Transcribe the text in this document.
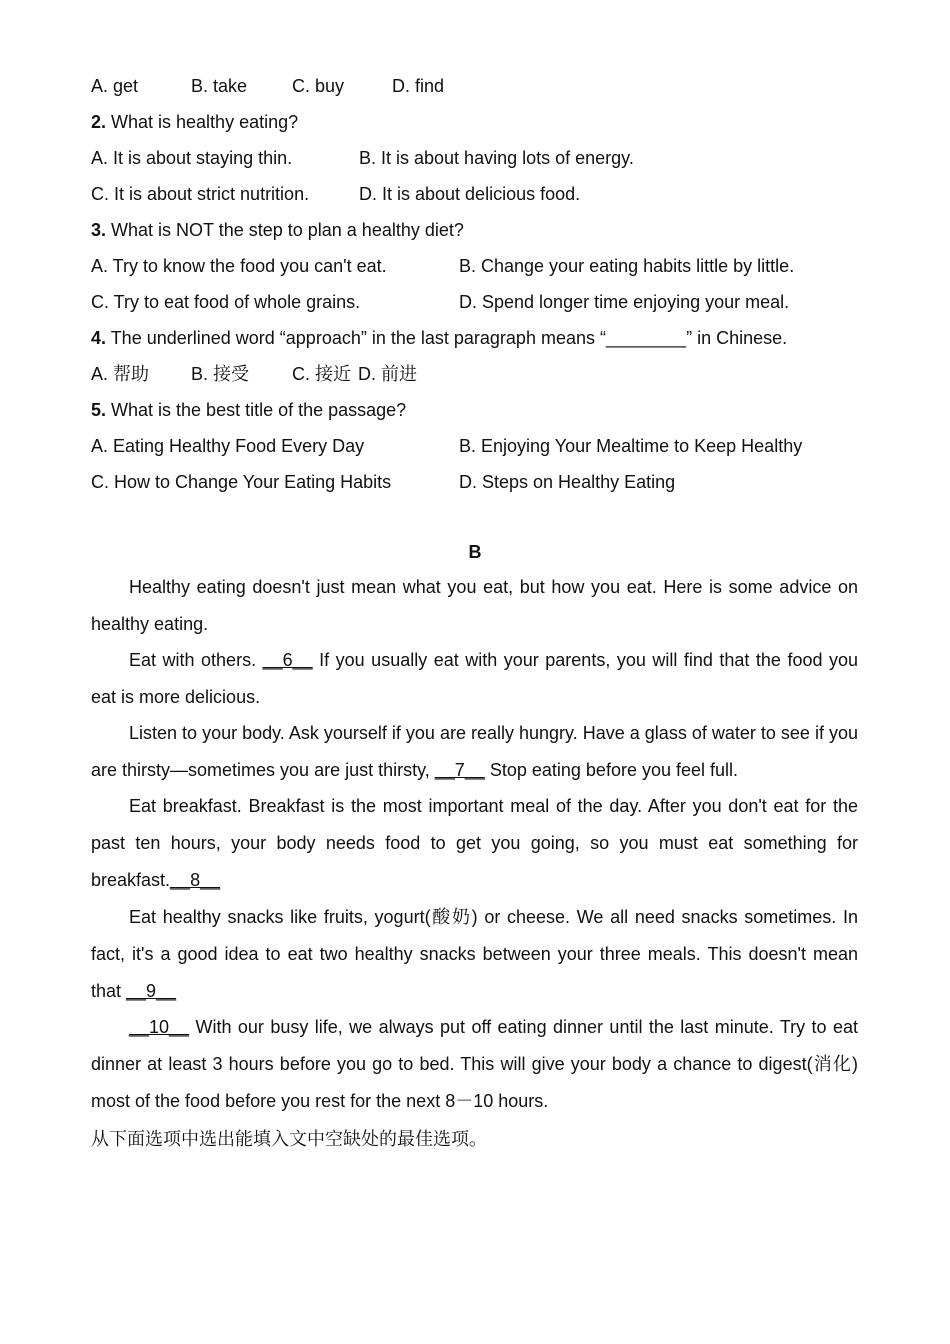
A. get	B. take C. buy	D. find
2. What is healthy eating?
A. It is about staying thin.	B. It is about having lots of energy.
C. It is about strict nutrition.	D. It is about delicious food.
3. What is NOT the step to plan a healthy diet?
A. Try to know the food you can't eat.	B. Change your eating habits little by little.
C. Try to eat food of whole grains.	D. Spend longer time enjoying your meal.
4. The underlined word “approach” in the last paragraph means “________” in Chinese.
A. 帮助 B. 接受 C. 接近 D. 前进
5. What is the best title of the passage?
A. Eating Healthy Food Every Day	B. Enjoying Your Mealtime to Keep Healthy
C. How to Change Your Eating Habits	D. Steps on Healthy Eating
B
Healthy eating doesn't just mean what you eat, but how you eat. Here is some advice on healthy eating.
Eat with others. __6__ If you usually eat with your parents, you will find that the food you eat is more delicious.
Listen to your body. Ask yourself if you are really hungry. Have a glass of water to see if you are thirsty—sometimes you are just thirsty, __7__ Stop eating before you feel full.
Eat breakfast. Breakfast is the most important meal of the day. After you don't eat for the past ten hours, your body needs food to get you going, so you must eat something for breakfast.__8__
Eat healthy snacks like fruits, yogurt(酸奶) or cheese. We all need snacks sometimes. In fact, it's a good idea to eat two healthy snacks between your three meals. This doesn't mean that __9__
__10__ With our busy life, we always put off eating dinner until the last minute. Try to eat dinner at least 3 hours before you go to bed. This will give your body a chance to digest(消化) most of the food before you rest for the next 8－10 hours.
从下面选项中选出能填入文中空缺处的最佳选项。
